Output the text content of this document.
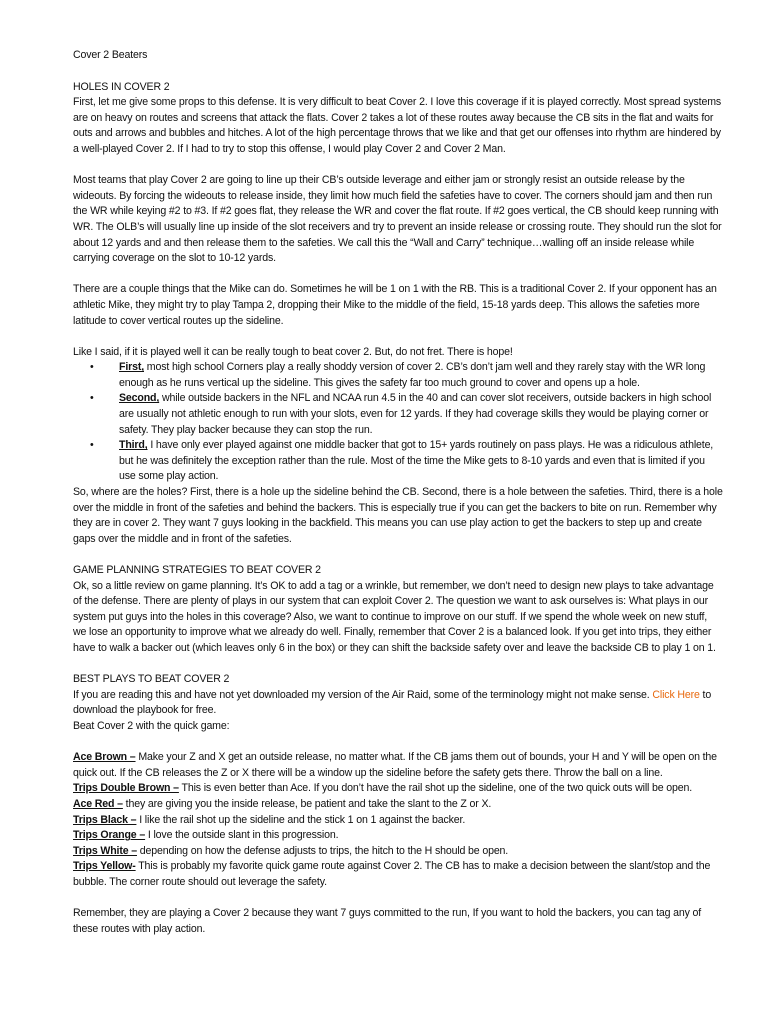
Cover 2 Beaters

HOLES IN COVER 2

First, let me give some props to this defense. It is very difficult to beat Cover 2. I love this coverage if it is played correctly. Most spread systems are on heavy on routes and screens that attack the flats. Cover 2 takes a lot of these routes away because the CB sits in the flat and waits for outs and arrows and bubbles and hitches. A lot of the high percentage throws that we like and that get our offenses into rhythm are hindered by a well-played Cover 2. If I had to try to stop this offense, I would play Cover 2 and Cover 2 Man.

Most teams that play Cover 2 are going to line up their CB’s outside leverage and either jam or strongly resist an outside release by the wideouts. By forcing the wideouts to release inside, they limit how much field the safeties have to cover. The corners should jam and then run the WR while keying #2 to #3. If #2 goes flat, they release the WR and cover the flat route. If #2 goes vertical, the CB should keep running with WR. The OLB’s will usually line up inside of the slot receivers and try to prevent an inside release or crossing route. They should run the slot for about 12 yards and and then release them to the safeties. We call this the “Wall and Carry” technique…walling off an inside release while carrying coverage on the slot to 10-12 yards.

There are a couple things that the Mike can do. Sometimes he will be 1 on 1 with the RB. This is a traditional Cover 2. If your opponent has an athletic Mike, they might try to play Tampa 2, dropping their Mike to the middle of the field, 15-18 yards deep. This allows the safeties more latitude to cover vertical routes up the sideline.

Like I said, if it is played well it can be really tough to beat cover 2. But, do not fret. There is hope!

• First, most high school Corners play a really shoddy version of cover 2. CB’s don’t jam well and they rarely stay with the WR long enough as he runs vertical up the sideline. This gives the safety far too much ground to cover and opens up a hole.
• Second, while outside backers in the NFL and NCAA run 4.5 in the 40 and can cover slot receivers, outside backers in high school are usually not athletic enough to run with your slots, even for 12 yards. If they had coverage skills they would be playing corner or safety. They play backer because they can stop the run.
• Third, I have only ever played against one middle backer that got to 15+ yards routinely on pass plays. He was a ridiculous athlete, but he was definitely the exception rather than the rule. Most of the time the Mike gets to 8-10 yards and even that is limited if you use some play action.

So, where are the holes? First, there is a hole up the sideline behind the CB. Second, there is a hole between the safeties. Third, there is a hole over the middle in front of the safeties and behind the backers. This is especially true if you can get the backers to bite on run. Remember why they are in cover 2. They want 7 guys looking in the backfield. This means you can use play action to get the backers to step up and create gaps over the middle and in front of the safeties.

GAME PLANNING STRATEGIES TO BEAT COVER 2

Ok, so a little review on game planning. It’s OK to add a tag or a wrinkle, but remember, we don’t need to design new plays to take advantage of the defense. There are plenty of plays in our system that can exploit Cover 2. The question we want to ask ourselves is: What plays in our system put guys into the holes in this coverage? Also, we want to continue to improve on our stuff. If we spend the whole week on new stuff, we lose an opportunity to improve what we already do well. Finally, remember that Cover 2 is a balanced look. If you get into trips, they either have to walk a backer out (which leaves only 6 in the box) or they can shift the backside safety over and leave the backside CB to play 1 on 1.

BEST PLAYS TO BEAT COVER 2

If you are reading this and have not yet downloaded my version of the Air Raid, some of the terminology might not make sense. Click Here to download the playbook for free.

Beat Cover 2 with the quick game:

Ace Brown – Make your Z and X get an outside release, no matter what. If the CB jams them out of bounds, your H and Y will be open on the quick out. If the CB releases the Z or X there will be a window up the sideline before the safety gets there. Throw the ball on a line.

Trips Double Brown – This is even better than Ace. If you don’t have the rail shot up the sideline, one of the two quick outs will be open.

Ace Red – they are giving you the inside release, be patient and take the slant to the Z or X.

Trips Black – I like the rail shot up the sideline and the stick 1 on 1 against the backer.

Trips Orange – I love the outside slant in this progression.

Trips White – depending on how the defense adjusts to trips, the hitch to the H should be open.

Trips Yellow- This is probably my favorite quick game route against Cover 2. The CB has to make a decision between the slant/stop and the bubble. The corner route should out leverage the safety.

Remember, they are playing a Cover 2 because they want 7 guys committed to the run, If you want to hold the backers, you can tag any of these routes with play action.
